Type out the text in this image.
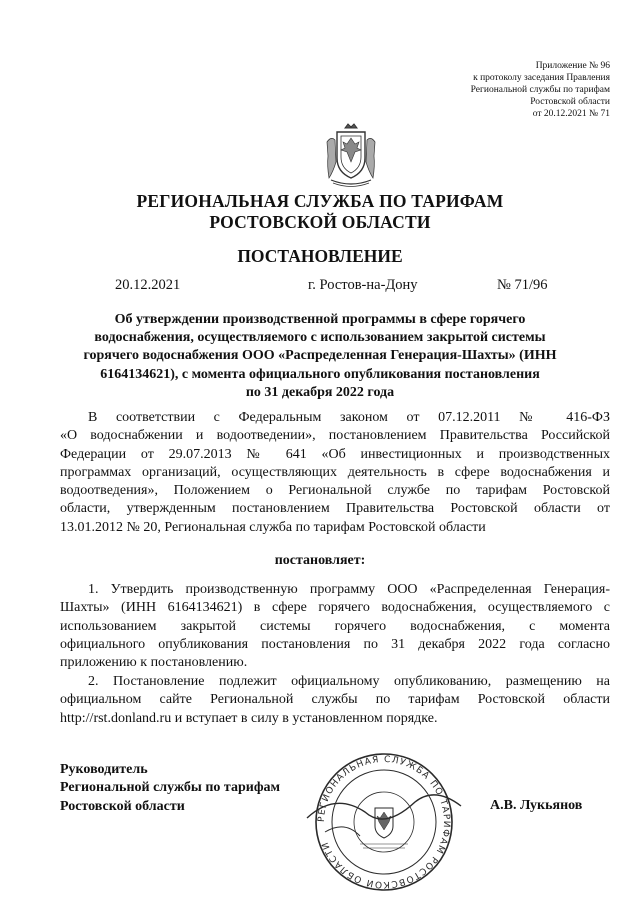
Приложение № 96
к протоколу заседания Правления
Региональной службы по тарифам
Ростовской области
от 20.12.2021 № 71
РЕГИОНАЛЬНАЯ СЛУЖБА ПО ТАРИФАМ
РОСТОВСКОЙ ОБЛАСТИ
ПОСТАНОВЛЕНИЕ
20.12.2021	г. Ростов-на-Дону	№ 71/96
Об утверждении производственной программы в сфере горячего
водоснабжения, осуществляемого с использованием закрытой системы
горячего водоснабжения ООО «Распределенная Генерация-Шахты» (ИНН
6164134621), с момента официального опубликования постановления
по 31 декабря 2022 года
В соответствии с Федеральным законом от 07.12.2011 № 416-ФЗ
«О водоснабжении и водоотведении», постановлением Правительства Российской
Федерации от 29.07.2013 № 641 «Об инвестиционных и производственных
программах организаций, осуществляющих деятельность в сфере водоснабжения и
водоотведения», Положением о Региональной службе по тарифам Ростовской
области, утвержденным постановлением Правительства Ростовской области от
13.01.2012 № 20, Региональная служба по тарифам Ростовской области
постановляет:
1. Утвердить производственную программу ООО «Распределенная Генерация-
Шахты» (ИНН 6164134621) в сфере горячего водоснабжения, осуществляемого с
использованием закрытой системы горячего водоснабжения, с момента
официального опубликования постановления по 31 декабря 2022 года согласно
приложению к постановлению.
2. Постановление подлежит официальному опубликованию, размещению на
официальном сайте Региональной службы по тарифам Ростовской области
http://rst.donland.ru и вступает в силу в установленном порядке.
РЕГИОНАЛЬНАЯ СЛУЖБА ПО ТАРИФАМ РОСТОВСКОЙ ОБЛАСТИ
Руководитель
Региональной службы по тарифам
Ростовской области	А.В. Лукьянов
